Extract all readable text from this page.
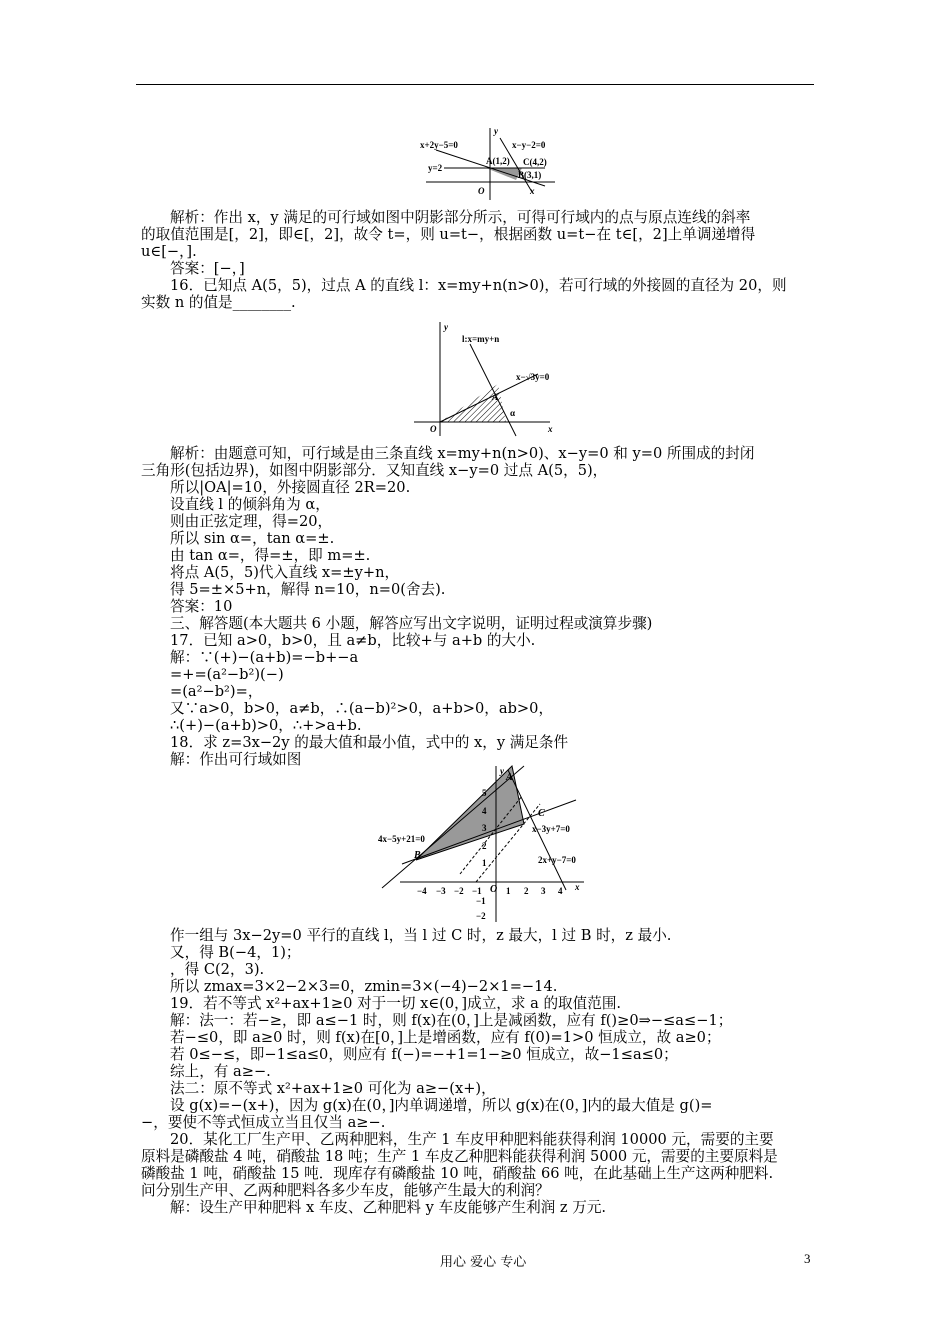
x+2y−5=0	x−y−2=0
A(1,2) C(4,2)
B(3,1)
y=2
O	x
y
解析：作出 x，y 满足的可行域如图中阴影部分所示，可得可行域内的点与原点连线的斜率
的取值范围是[，2]，即∈[，2]，故令 t=，则 u=t−，根据函数 u=t−在 t∈[，2]上单调递增得
u∈[−，].
答案：[−，]
16．已知点 A(5，5)，过点 A 的直线 l：x=my+n(n>0)，若可行域的外接圆的直径为 20，则
实数 n 的值是________.
l:x=my+n
x−√3y=0
A
α
O	x
y
解析：由题意可知，可行域是由三条直线 x=my+n(n>0)、x−y=0 和 y=0 所围成的封闭
三角形(包括边界)，如图中阴影部分．又知直线 x−y=0 过点 A(5，5)，
所以|OA|=10，外接圆直径 2R=20.
设直线 l 的倾斜角为 α，
则由正弦定理，得=20，
所以 sin α=，tan α=±.
由 tan α=，得=±，即 m=±.
将点 A(5，5)代入直线 x=±y+n，
得 5=±×5+n，解得 n=10，n=0(舍去).
答案：10
三、解答题(本大题共 6 小题，解答应写出文字说明，证明过程或演算步骤)
17．已知 a>0，b>0，且 a≠b，比较+与 a+b 的大小.
解：∵(+)−(a+b)=−b+−a
=+=(a²−b²)(−)
=(a²−b²)=，
又∵a>0，b>0，a≠b，∴(a−b)²>0，a+b>0，ab>0，
∴(+)−(a+b)>0，∴+>a+b.
18．求 z=3x−2y 的最大值和最小值，式中的 x，y 满足条件
解：作出可行域如图
−4 −3 −2 −1	1 2 3 4
5
4
3
2
1
−1
−2
4x−5y+21=0
x−3y+7=0
2x+y−7=0
A
B
C
O	x
y
作一组与 3x−2y=0 平行的直线 l，当 l 过 C 时，z 最大，l 过 B 时，z 最小.
又，得 B(−4，1)；
，得 C(2，3).
所以 zmax=3×2−2×3=0，zmin=3×(−4)−2×1=−14.
19．若不等式 x²+ax+1≥0 对于一切 x∈(0，]成立，求 a 的取值范围.
解：法一：若−≥，即 a≤−1 时，则 f(x)在(0，]上是减函数，应有 f()≥0⇒−≤a≤−1；
若−≤0，即 a≥0 时，则 f(x)在[0，]上是增函数，应有 f(0)=1>0 恒成立，故 a≥0；
若 0≤−≤，即−1≤a≤0，则应有 f(−)=−+1=1−≥0 恒成立，故−1≤a≤0；
综上，有 a≥−.
法二：原不等式 x²+ax+1≥0 可化为 a≥−(x+)，
设 g(x)=−(x+)，因为 g(x)在(0，]内单调递增，所以 g(x)在(0，]内的最大值是 g()=
−，要使不等式恒成立当且仅当 a≥−.
20．某化工厂生产甲、乙两种肥料，生产 1 车皮甲种肥料能获得利润 10000 元，需要的主要
原料是磷酸盐 4 吨，硝酸盐 18 吨；生产 1 车皮乙种肥料能获得利润 5000 元，需要的主要原料是
磷酸盐 1 吨，硝酸盐 15 吨．现库存有磷酸盐 10 吨，硝酸盐 66 吨，在此基础上生产这两种肥料.
问分别生产甲、乙两种肥料各多少车皮，能够产生最大的利润？
解：设生产甲种肥料 x 车皮、乙种肥料 y 车皮能够产生利润 z 万元.
用心 爱心 专心	3
